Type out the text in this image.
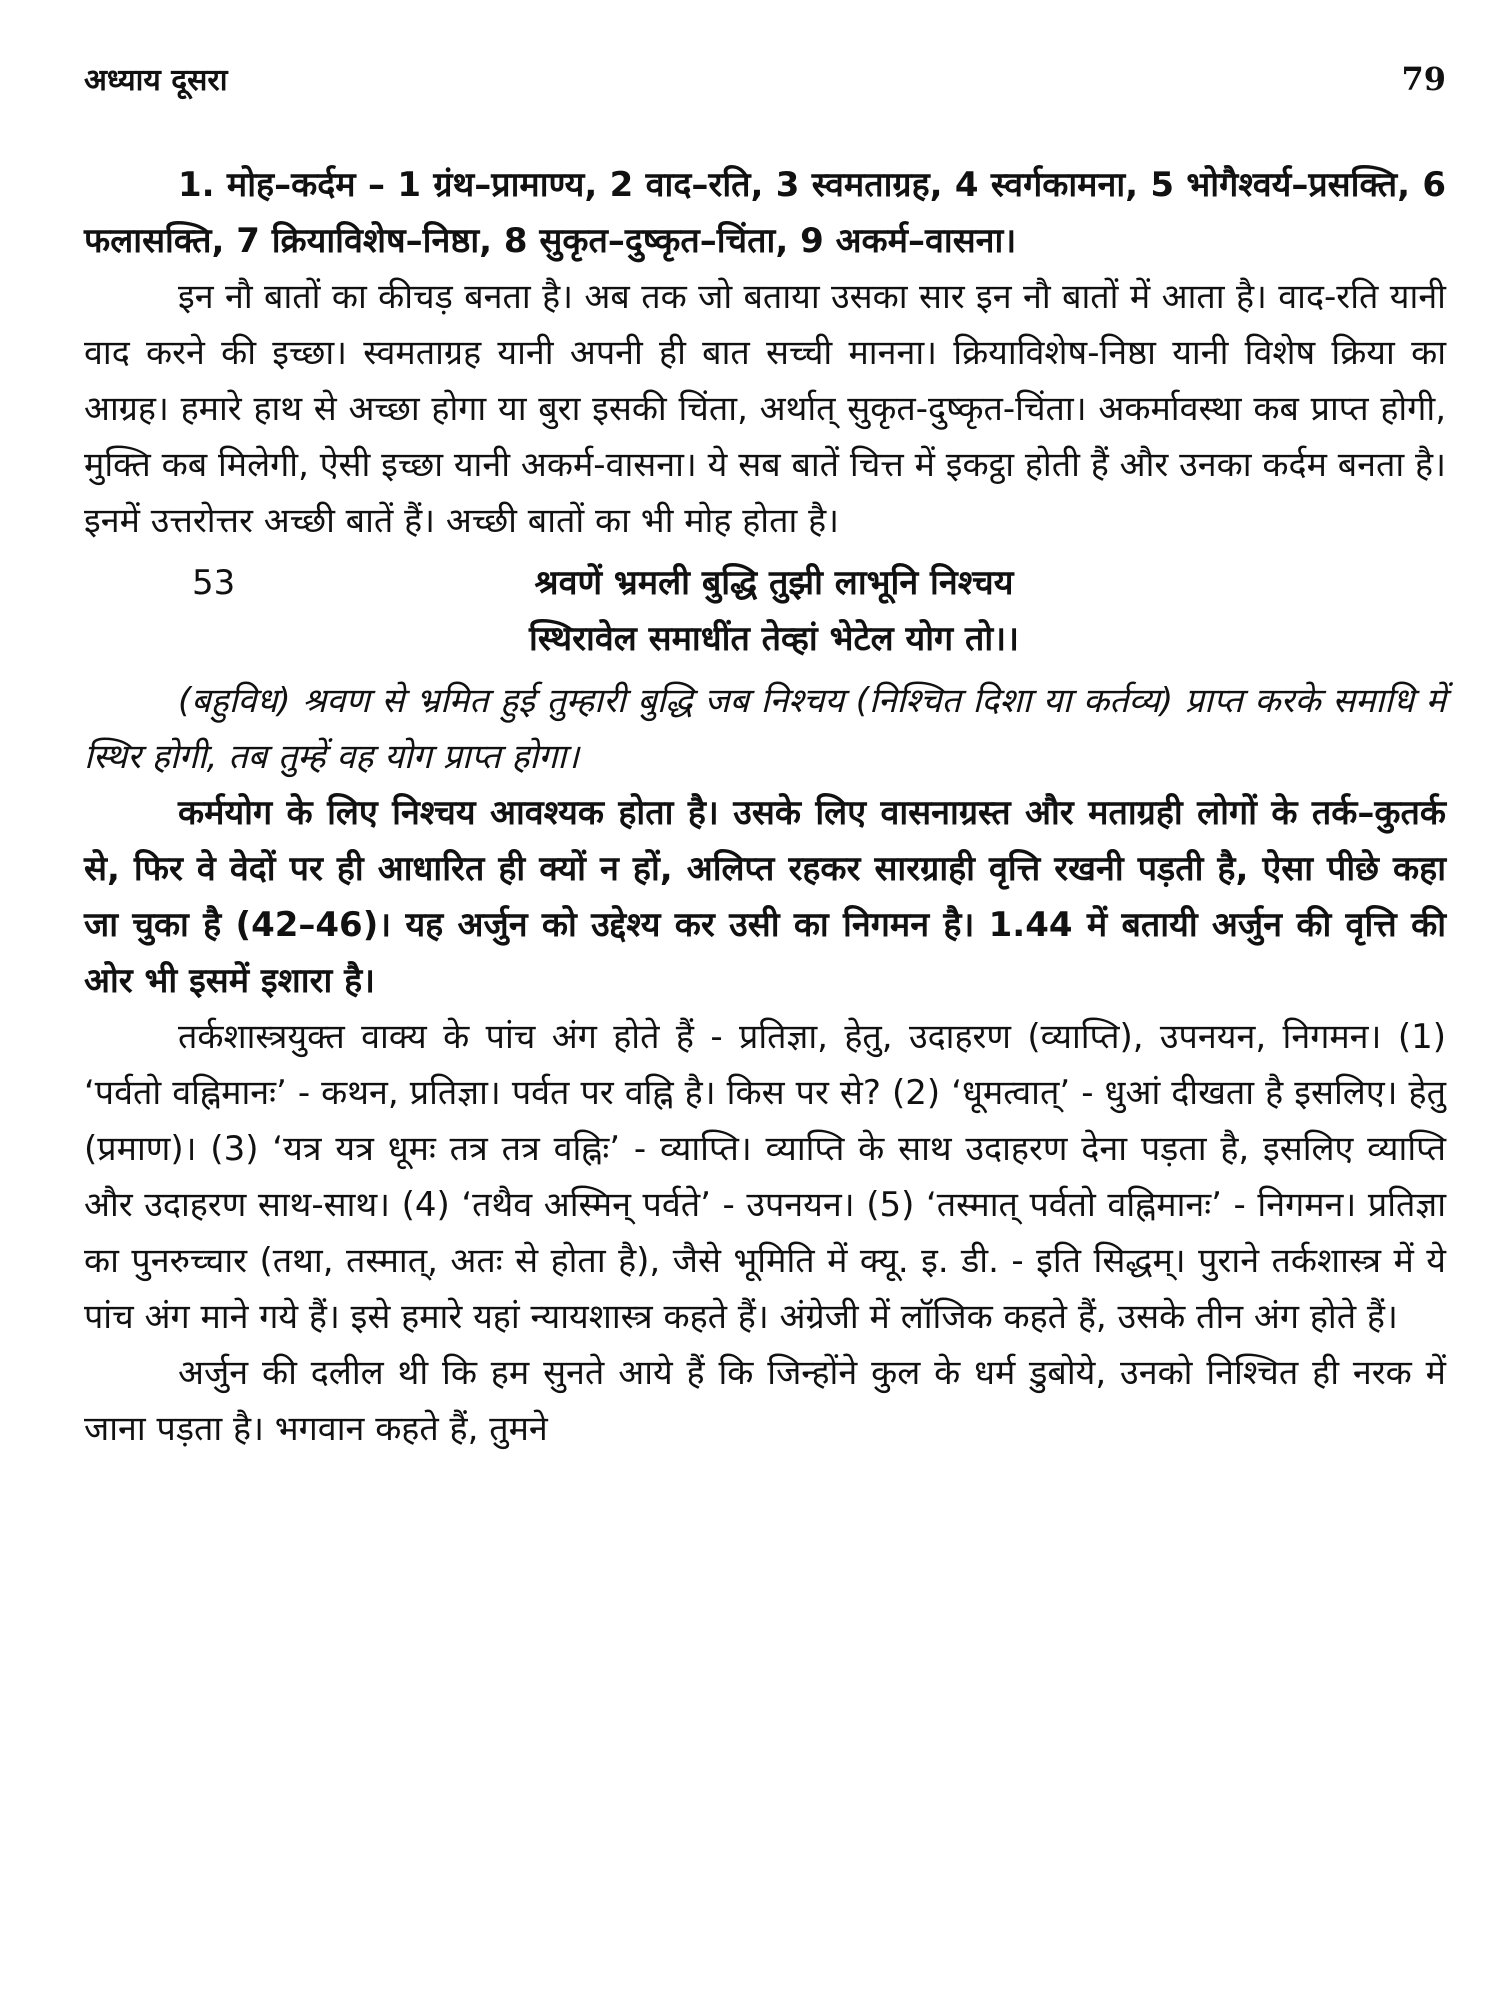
अध्याय दूसरा	79

1. मोह–कर्दम – 1 ग्रंथ–प्रामाण्य, 2 वाद–रति, 3 स्वमताग्रह, 4 स्वर्गकामना, 5 भोगैश्वर्य–प्रसक्ति, 6 फलासक्ति, 7 क्रियाविशेष–निष्ठा, 8 सुकृत–दुष्कृत–चिंता, 9 अकर्म–वासना।

इन नौ बातों का कीचड़ बनता है। अब तक जो बताया उसका सार इन नौ बातों में आता है। वाद-रति यानी वाद करने की इच्छा। स्वमताग्रह यानी अपनी ही बात सच्ची मानना। क्रियाविशेष-निष्ठा यानी विशेष क्रिया का आग्रह। हमारे हाथ से अच्छा होगा या बुरा इसकी चिंता, अर्थात् सुकृत-दुष्कृत-चिंता। अकर्मावस्था कब प्राप्त होगी, मुक्ति कब मिलेगी, ऐसी इच्छा यानी अकर्म-वासना। ये सब बातें चित्त में इकट्ठा होती हैं और उनका कर्दम बनता है। इनमें उत्तरोत्तर अच्छी बातें हैं। अच्छी बातों का भी मोह होता है।

53	श्रवणें भ्रमली बुद्धि तुझी लाभूनि निश्चय
स्थिरावेल समाधींत तेव्हां भेटेल योग तो।।

(बहुविध) श्रवण से भ्रमित हुई तुम्हारी बुद्धि जब निश्चय (निश्चित दिशा या कर्तव्य) प्राप्त करके समाधि में स्थिर होगी, तब तुम्हें वह योग प्राप्त होगा।

कर्मयोग के लिए निश्चय आवश्यक होता है। उसके लिए वासनाग्रस्त और मताग्रही लोगों के तर्क–कुतर्क से, फिर वे वेदों पर ही आधारित ही क्यों न हों, अलिप्त रहकर सारग्राही वृत्ति रखनी पड़ती है, ऐसा पीछे कहा जा चुका है (42–46)। यह अर्जुन को उद्देश्य कर उसी का निगमन है। 1.44 में बतायी अर्जुन की वृत्ति की ओर भी इसमें इशारा है।

तर्कशास्त्रयुक्त वाक्य के पांच अंग होते हैं - प्रतिज्ञा, हेतु, उदाहरण (व्याप्ति), उपनयन, निगमन। (1) ‘पर्वतो वह्निमानः’ - कथन, प्रतिज्ञा। पर्वत पर वह्नि है। किस पर से? (2) ‘धूमत्वात्’ - धुआं दीखता है इसलिए। हेतु (प्रमाण)। (3) ‘यत्र यत्र धूमः तत्र तत्र वह्निः’ - व्याप्ति। व्याप्ति के साथ उदाहरण देना पड़ता है, इसलिए व्याप्ति और उदाहरण साथ-साथ। (4) ‘तथैव अस्मिन् पर्वते’ - उपनयन। (5) ‘तस्मात् पर्वतो वह्निमानः’ - निगमन। प्रतिज्ञा का पुनरुच्चार (तथा, तस्मात्, अतः से होता है), जैसे भूमिति में क्यू. इ. डी. - इति सिद्धम्। पुराने तर्कशास्त्र में ये पांच अंग माने गये हैं। इसे हमारे यहां न्यायशास्त्र कहते हैं। अंग्रेजी में लॉजिक कहते हैं, उसके तीन अंग होते हैं।

अर्जुन की दलील थी कि हम सुनते आये हैं कि जिन्होंने कुल के धर्म डुबोये, उनको निश्चित ही नरक में जाना पड़ता है। भगवान कहते हैं, तुमने
